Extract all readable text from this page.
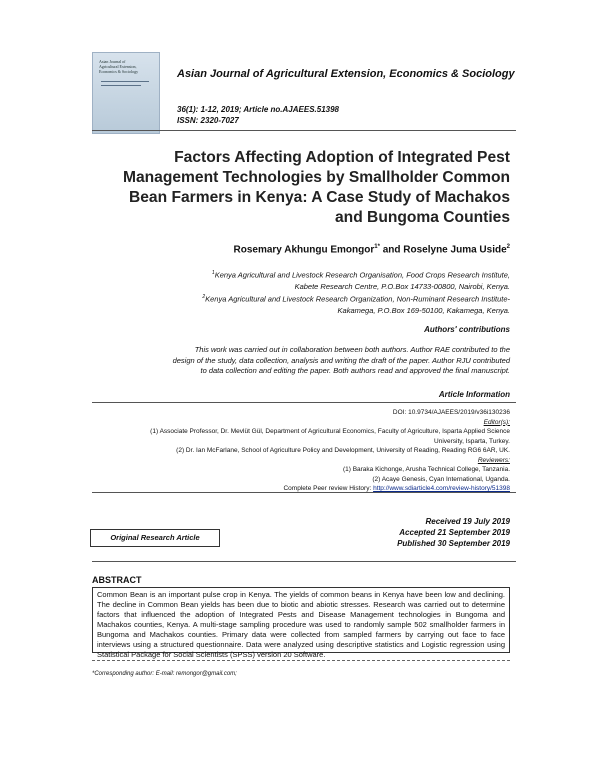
Asian Journal of
Agricultural Extension,
Economics & Sociology	Asian Journal of Agricultural Extension, Economics & Sociology
36(1): 1-12, 2019; Article no.AJAEES.51398
ISSN: 2320-7027
Factors Affecting Adoption of Integrated Pest
Management Technologies by Smallholder Common
Bean Farmers in Kenya: A Case Study of Machakos
and Bungoma Counties
Rosemary Akhungu Emongor$^{1*}$ and Roselyne Juma Uside$^2$
$^1$Kenya Agricultural and Livestock Research Organisation, Food Crops Research Institute,
Kabete Research Centre, P.O.Box 14733-00800, Nairobi, Kenya.
$^2$Kenya Agricultural and Livestock Research Organization, Non-Ruminant Research Institute-
Kakamega, P.O.Box 169-50100, Kakamega, Kenya.
Authors' contributions
This work was carried out in collaboration between both authors. Author RAE contributed to the
design of the study, data collection, analysis and writing the draft of the paper. Author RJU contributed
to data collection and editing the paper. Both authors read and approved the final manuscript.
Article Information
DOI: 10.9734/AJAEES/2019/v36i130236
Editor(s):
(1) Associate Professor, Dr. Mevlüt Gül, Department of Agricultural Economics, Faculty of Agriculture, Isparta Applied Science
University, Isparta, Turkey.
(2) Dr. Ian McFarlane, School of Agriculture Policy and Development, University of Reading, Reading RG6 6AR, UK.
Reviewers:
(1) Baraka Kichonge, Arusha Technical College, Tanzania.
(2) Acaye Genesis, Cyan International, Uganda.
Complete Peer review History: http://www.sdiarticle4.com/review-history/51398
Original Research Article
Received 19 July 2019
Accepted 21 September 2019
Published 30 September 2019
ABSTRACT
Common Bean is an important pulse crop in Kenya. The yields of common beans in Kenya have been low and declining. The decline in Common Bean yields has been due to biotic and abiotic stresses. Research was carried out to determine factors that influenced the adoption of Integrated Pests and Disease Management technologies in Bungoma and Machakos counties, Kenya. A multi-stage sampling procedure was used to randomly sample 502 smallholder farmers in Bungoma and Machakos counties. Primary data were collected from sampled farmers by carrying out face to face interviews using a structured questionnaire. Data were analyzed using descriptive statistics and Logistic regression using Statistical Package for Social Scientists (SPSS) version 20 Software.
*Corresponding author: E-mail: remongor@gmail.com;
